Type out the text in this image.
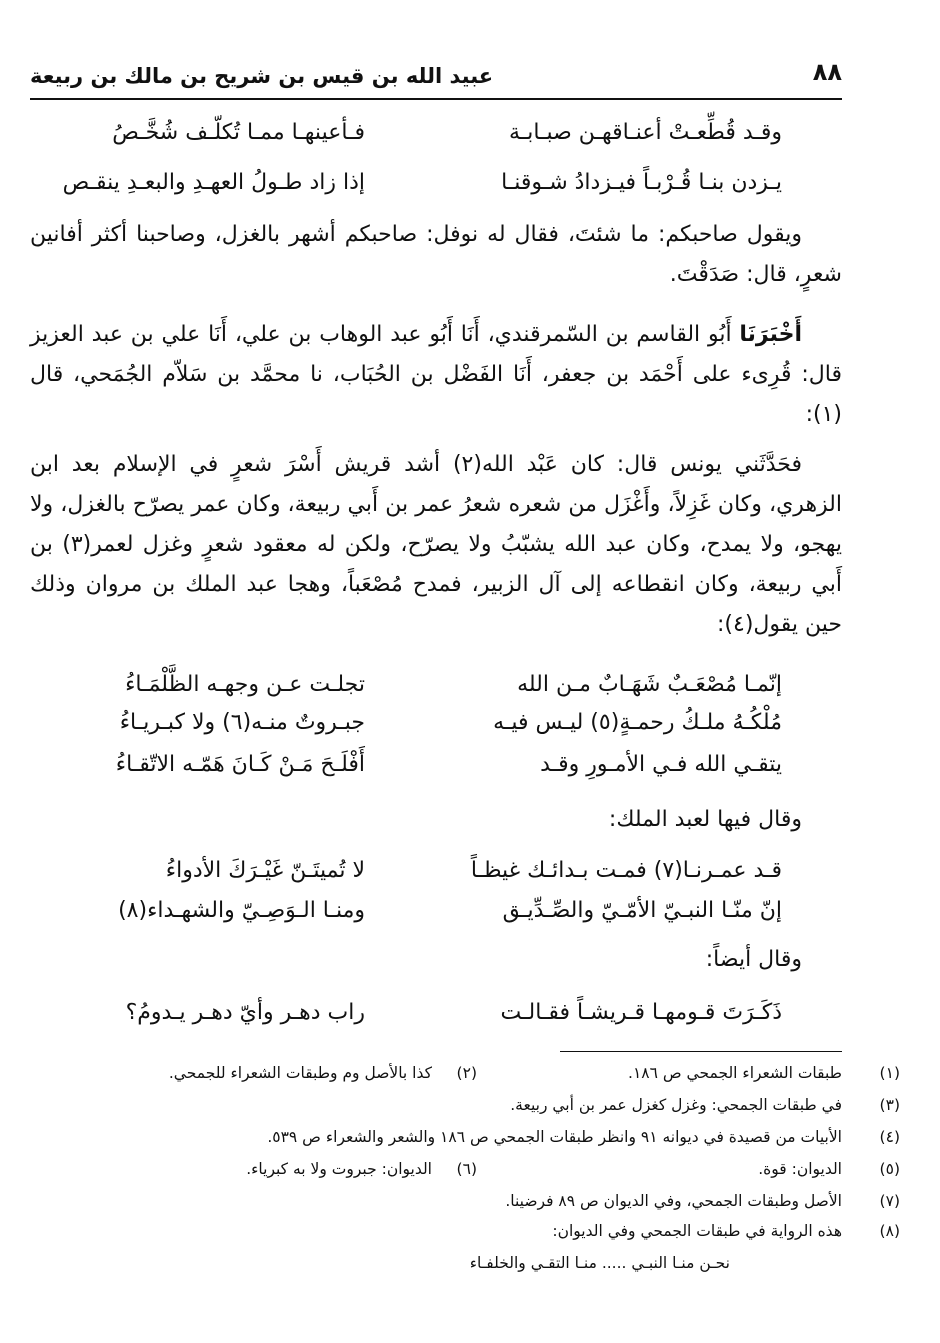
٨٨
عبيد الله بن قيس بن شريح بن مالك بن ربيعة
وقـد قُطِّعـتْ أعنـاقهـن صبـابـة
فـأعينهـا ممـا تُكلّـف شُخَّـصُ
يـزدن بنـا قُـرْبـاً فيـزدادُ شـوقنـا
إذا زاد طـولُ العهـدِ والبعـدِ ينقـص

ويقول صاحبكم: ما شئتَ، فقال له نوفل: صاحبكم أشهر بالغزل، وصاحبنا أكثر أفانين شعرٍ، قال: صَدَقْتَ.

أَخْبَرَنَا أَبُو القاسم بن السّمرقندي، أَنَا أَبُو عبد الوهاب بن علي، أَنَا علي بن عبد العزيز قال: قُرِىء على أَحْمَد بن جعفر، أَنَا الفَضْل بن الحُبَاب، نا محمَّد بن سَلاّم الجُمَحي، قال (١):

فحَدَّثَني يونس قال: كان عَبْد الله(٢) أشد قريش أَسْرَ شعرٍ في الإسلام بعد ابن الزهري، وكان غَزِلاً، وأَغْزَل من شعره شعرُ عمر بن أَبي ربيعة، وكان عمر يصرّح بالغزل، ولا يهجو، ولا يمدح، وكان عبد الله يشبّبُ ولا يصرّح، ولكن له معقود شعرٍ وغزل لعمر(٣) بن أَبي ربيعة، وكان انقطاعه إلى آل الزبير، فمدح مُصْعَباً، وهجا عبد الملك بن مروان وذلك حين يقول(٤):

إنّمـا مُصْعَـبٌ شَهَـابٌ مـن الله
تجلـت عـن وجهـه الظَّلْمَـاءُ
مُلْكُـهُ ملـكُ رحمـةٍ(٥) ليـس فيـه
جبـروتٌ منـه(٦) ولا كبـريـاءُ
يتقـي الله فـي الأمـورِ وقـد
أَفْلَـحَ مَـنْ كَـانَ هَمّـه الاتّقـاءُ

وقال فيها لعبد الملك:

قـد عمـرنـا(٧) فمـت بـدائـك غيظـاً
لا تُميتَـنّ غَيْـرَكَ الأدواءُ
إنّ منّـا النبـيّ الأمّـيّ والصِّـدِّيـق
ومنـا الـوَصِـيّ والشهـداء(٨)

وقال أيضاً:

ذَكَـرَتَ قـومهـا قـريشـاً فقـالـت
راب دهـر وأيّ دهـر يـدومُ؟
(١)
طبقات الشعراء الجمحي ص ١٨٦.
(٢)
كذا بالأصل وم وطبقات الشعراء للجمحي.
(٣)
في طبقات الجمحي: وغزل كغزل عمر بن أبي ربيعة.
(٤)
الأبيات من قصيدة في ديوانه ٩١ وانظر طبقات الجمحي ص ١٨٦ والشعر والشعراء ص ٥٣٩.
(٥)
الديوان: قوة.
(٦)
الديوان: جبروت ولا به كبرياء.
(٧)
الأصل وطبقات الجمحي، وفي الديوان ص ٨٩ فرضينا.
(٨)
هذه الرواية في طبقات الجمحي وفي الديوان:
نحـن منـا النبـي ..... منـا التقـي والخلفـاء
